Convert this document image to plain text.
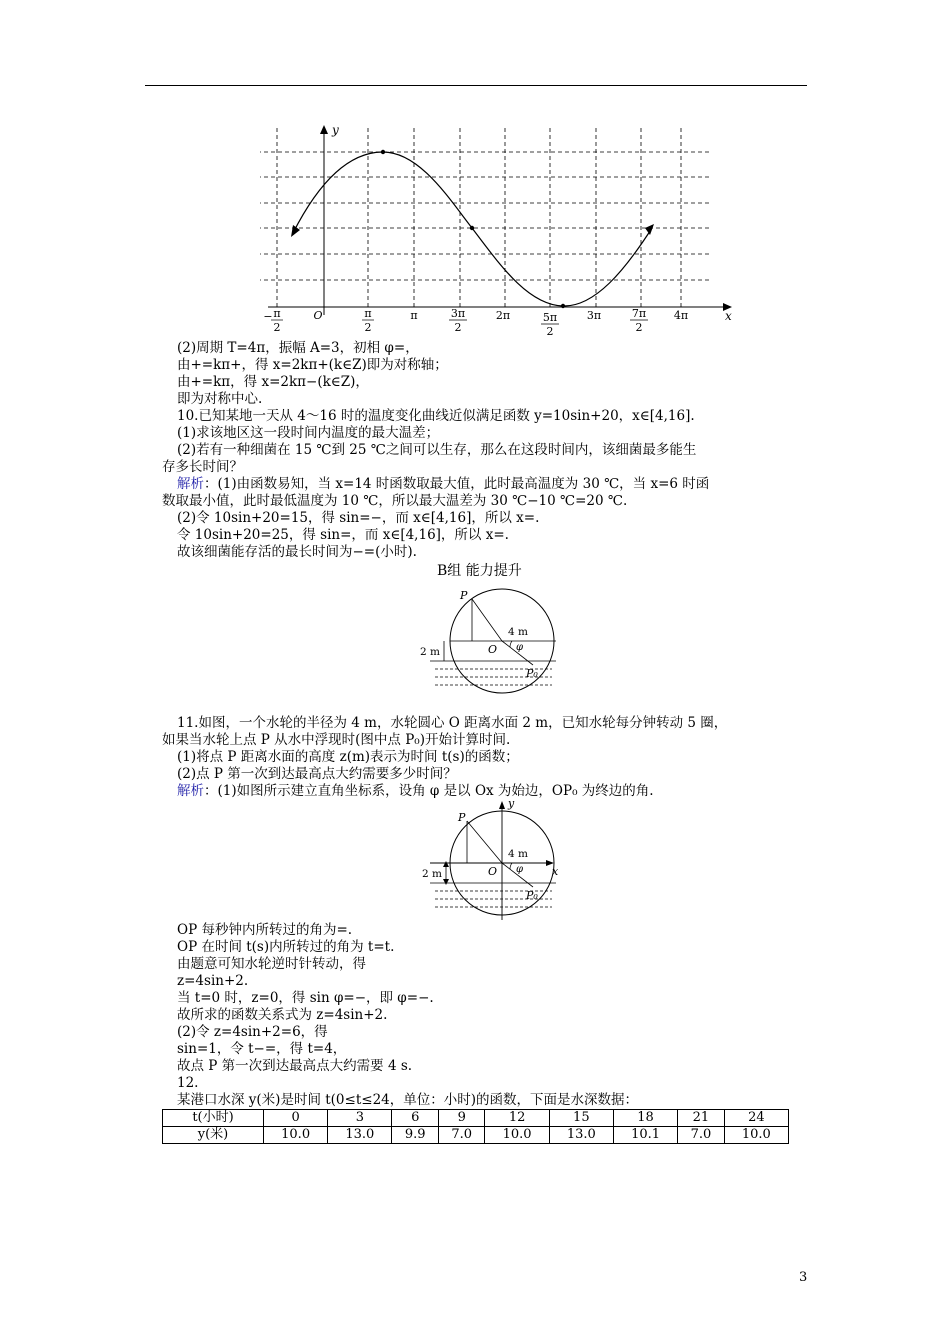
y
x
− π
2
O	π
2
π	3π
2
2π	5π
2
3π	7π
2
4π
(2)周期 T=4π，振幅 A=3，初相 φ=，
由+=kπ+，得 x=2kπ+(k∈Z)即为对称轴；
由+=kπ，得 x=2kπ−(k∈Z)，
即为对称中心.
10.已知某地一天从 4～16 时的温度变化曲线近似满足函数 y=10sin+20，x∈[4,16].
(1)求该地区这一段时间内温度的最大温差；
(2)若有一种细菌在 15 ℃到 25 ℃之间可以生存，那么在这段时间内，该细菌最多能生
存多长时间？
解析：(1)由函数易知，当 x=14 时函数取最大值，此时最高温度为 30 ℃，当 x=6 时函
数取最小值，此时最低温度为 10 ℃，所以最大温差为 30 ℃−10 ℃=20 ℃.
(2)令 10sin+20=15，得 sin=−，而 x∈[4,16]，所以 x=.
令 10sin+20=25，得 sin=，而 x∈[4,16]，所以 x=.
故该细菌能存活的最长时间为−=(小时).
B组 能力提升
P
O
4 m
2 m	φ
P₀
11.如图，一个水轮的半径为 4 m，水轮圆心 O 距离水面 2 m，已知水轮每分钟转动 5 圈，
如果当水轮上点 P 从水中浮现时(图中点 P₀)开始计算时间.
(1)将点 P 距离水面的高度 z(m)表示为时间 t(s)的函数；
(2)点 P 第一次到达最高点大约需要多少时间？
解析：(1)如图所示建立直角坐标系，设角 φ 是以 Ox 为始边，OP₀ 为终边的角.
y
x
P
O
4 m
2 m	φ
P₀
OP 每秒钟内所转过的角为=.
OP 在时间 t(s)内所转过的角为 t=t.
由题意可知水轮逆时针转动，得
z=4sin+2.
当 t=0 时，z=0，得 sin φ=−，即 φ=−.
故所求的函数关系式为 z=4sin+2.
(2)令 z=4sin+2=6，得
sin=1，令 t−=，得 t=4，
故点 P 第一次到达最高点大约需要 4 s.
12.
某港口水深 y(米)是时间 t(0≤t≤24，单位：小时)的函数，下面是水深数据：
t(小时)	0	3	6	9	12	15	18	21	24
y(米)	10.0	13.0	9.9	7.0	10.0	13.0	10.1	7.0	10.0
3
